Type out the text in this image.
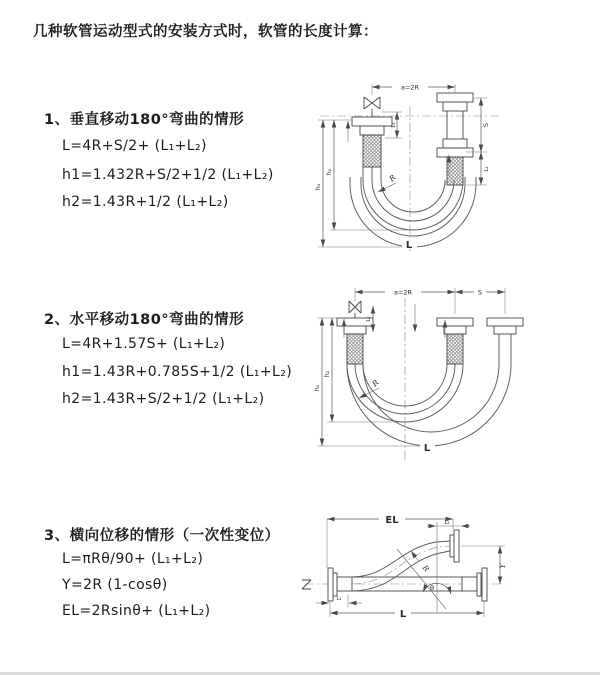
几种软管运动型式的安装方式时，软管的长度计算：
1、垂直移动180°弯曲的情形
L=4R+S/2+ (L₁+L₂)
h1=1.432R+S/2+1/2 (L₁+L₂)
h2=1.43R+1/2 (L₁+L₂)
a=2R
h₁
h₂
L₁	S
L₂
R
L
2、水平移动180°弯曲的情形
L=4R+1.57S+ (L₁+L₂)
h1=1.43R+0.785S+1/2 (L₁+L₂)
h2=1.43R+S/2+1/2 (L₁+L₂)
a=2R	S
h₁
h₂
L₁
R
L
3、横向位移的情形（一次性变位）
L=πRθ/90+ (L₁+L₂)
Y=2R (1-cosθ)
EL=2Rsinθ+ (L₁+L₂)
θ
EL	L₂
R	Y
L₁
L
